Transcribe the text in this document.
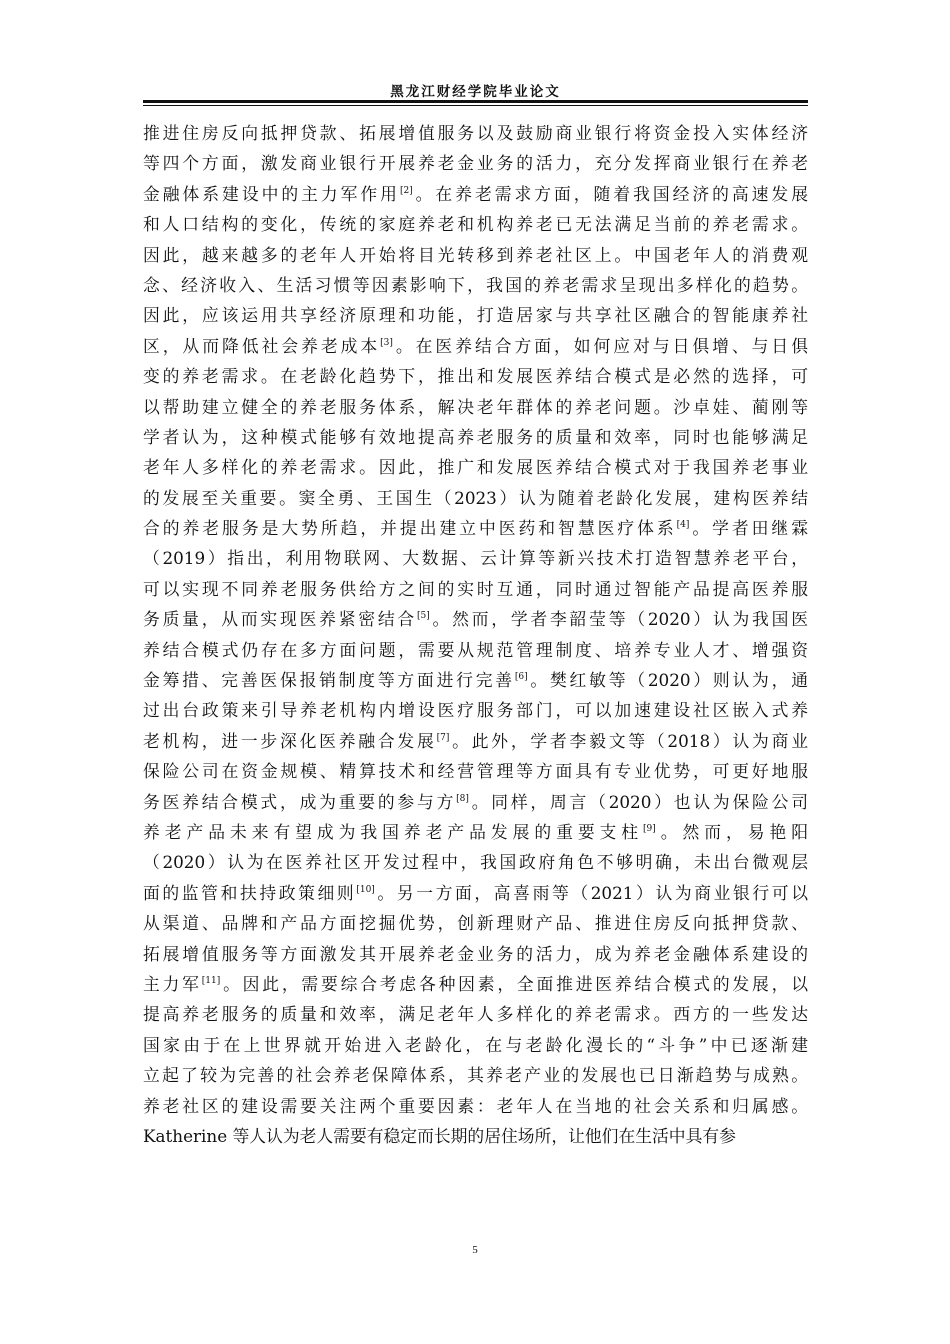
黑龙江财经学院毕业论文
推进住房反向抵押贷款、拓展增值服务以及鼓励商业银行将资金投入实体经济
等四个方面，激发商业银行开展养老金业务的活力，充分发挥商业银行在养老
金融体系建设中的主力军作用[2]。在养老需求方面，随着我国经济的高速发展
和人口结构的变化，传统的家庭养老和机构养老已无法满足当前的养老需求。
因此，越来越多的老年人开始将目光转移到养老社区上。中国老年人的消费观
念、经济收入、生活习惯等因素影响下，我国的养老需求呈现出多样化的趋势。
因此，应该运用共享经济原理和功能，打造居家与共享社区融合的智能康养社
区，从而降低社会养老成本[3]。在医养结合方面，如何应对与日俱增、与日俱
变的养老需求。在老龄化趋势下，推出和发展医养结合模式是必然的选择，可
以帮助建立健全的养老服务体系，解决老年群体的养老问题。沙卓娃、蔺刚等
学者认为，这种模式能够有效地提高养老服务的质量和效率，同时也能够满足
老年人多样化的养老需求。因此，推广和发展医养结合模式对于我国养老事业
的发展至关重要。窦全勇、王国生（2023）认为随着老龄化发展，建构医养结
合的养老服务是大势所趋，并提出建立中医药和智慧医疗体系[4]。学者田继霖
（2019）指出，利用物联网、大数据、云计算等新兴技术打造智慧养老平台，
可以实现不同养老服务供给方之间的实时互通，同时通过智能产品提高医养服
务质量，从而实现医养紧密结合[5]。然而，学者李韶莹等（2020）认为我国医
养结合模式仍存在多方面问题，需要从规范管理制度、培养专业人才、增强资
金筹措、完善医保报销制度等方面进行完善[6]。樊红敏等（2020）则认为，通
过出台政策来引导养老机构内增设医疗服务部门，可以加速建设社区嵌入式养
老机构，进一步深化医养融合发展[7]。此外，学者李毅文等（2018）认为商业
保险公司在资金规模、精算技术和经营管理等方面具有专业优势，可更好地服
务医养结合模式，成为重要的参与方[8]。同样，周言（2020）也认为保险公司
养老产品未来有望成为我国养老产品发展的重要支柱[9]。然而，易艳阳
（2020）认为在医养社区开发过程中，我国政府角色不够明确，未出台微观层
面的监管和扶持政策细则[10]。另一方面，高喜雨等（2021）认为商业银行可以
从渠道、品牌和产品方面挖掘优势，创新理财产品、推进住房反向抵押贷款、
拓展增值服务等方面激发其开展养老金业务的活力，成为养老金融体系建设的
主力军[11]。因此，需要综合考虑各种因素，全面推进医养结合模式的发展，以
提高养老服务的质量和效率，满足老年人多样化的养老需求。西方的一些发达
国家由于在上世界就开始进入老龄化，在与老龄化漫长的“斗争”中已逐渐建
立起了较为完善的社会养老保障体系，其养老产业的发展也已日渐趋势与成熟。
养老社区的建设需要关注两个重要因素：老年人在当地的社会关系和归属感。
Katherine 等人认为老人需要有稳定而长期的居住场所，让他们在生活中具有参
5
